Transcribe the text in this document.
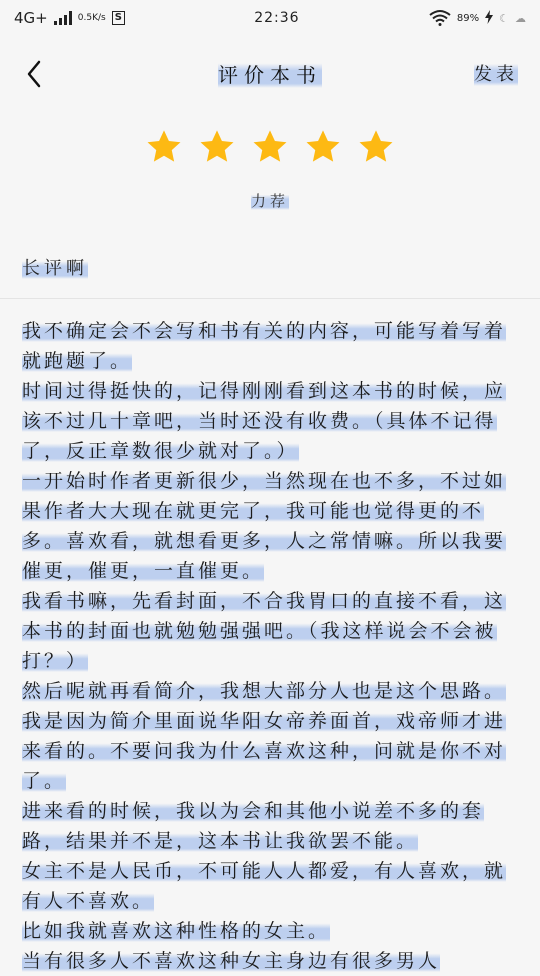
4G+	0.5K/s S	22:36	89% ☾ ☁
评价本书	发表
力荐
长评啊

我不确定会不会写和书有关的内容，可能写着写着就跑题了。

时间过得挺快的，记得刚刚看到这本书的时候，应该不过几十章吧，当时还没有收费。（具体不记得了，反正章数很少就对了。）

一开始时作者更新很少，当然现在也不多，不过如果作者大大现在就更完了，我可能也觉得更的不多。喜欢看，就想看更多，人之常情嘛。所以我要催更，催更，一直催更。

我看书嘛，先看封面，不合我胃口的直接不看，这本书的封面也就勉勉强强吧。（我这样说会不会被打？）

然后呢就再看简介，我想大部分人也是这个思路。我是因为简介里面说华阳女帝养面首，戏帝师才进来看的。不要问我为什么喜欢这种，问就是你不对了。

进来看的时候，我以为会和其他小说差不多的套路，结果并不是，这本书让我欲罢不能。

女主不是人民币，不可能人人都爱，有人喜欢，就有人不喜欢。

比如我就喜欢这种性格的女主。

当有很多人不喜欢这种女主身边有很多男人
